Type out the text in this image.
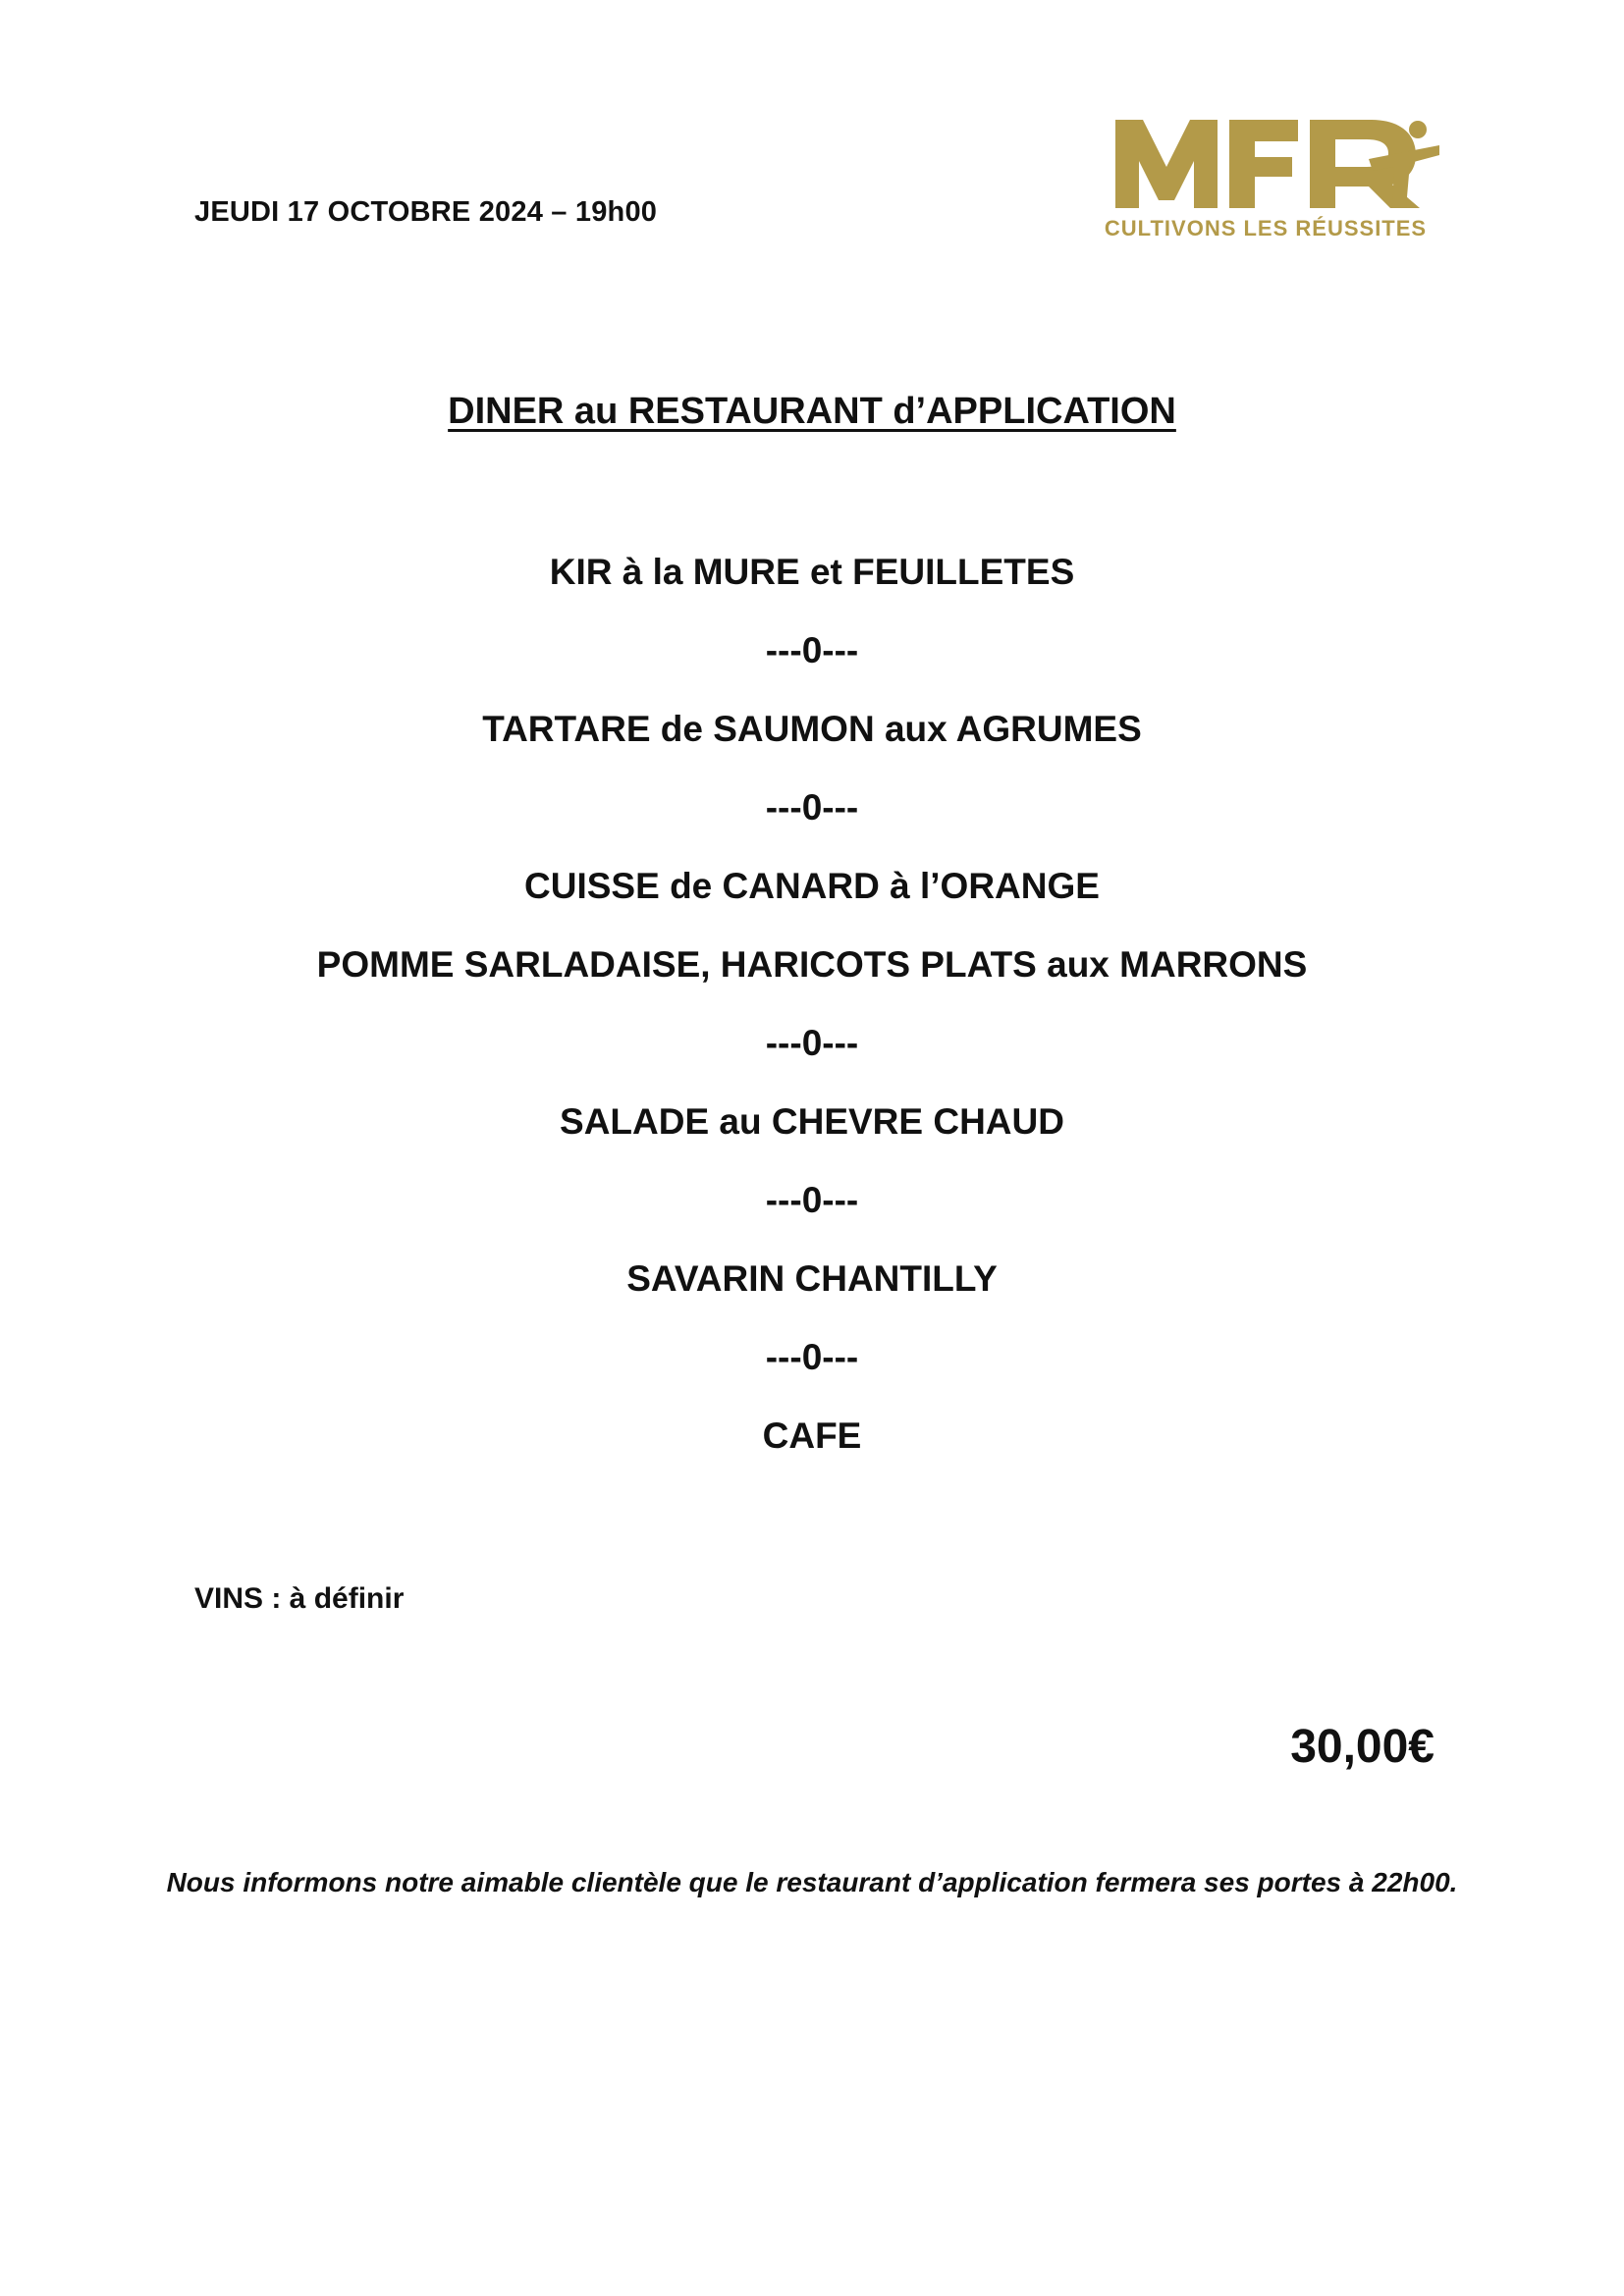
JEUDI 17 OCTOBRE 2024 – 19h00
CULTIVONS LES RÉUSSITES
DINER au RESTAURANT d’APPLICATION
KIR à la MURE et FEUILLETES
---0---
TARTARE de SAUMON aux AGRUMES
---0---
CUISSE de CANARD à l’ORANGE
POMME SARLADAISE, HARICOTS PLATS aux MARRONS
---0---
SALADE au CHEVRE CHAUD
---0---
SAVARIN CHANTILLY
---0---
CAFE
VINS : à définir
30,00€
Nous informons notre aimable clientèle que le restaurant d’application fermera ses portes à 22h00.
